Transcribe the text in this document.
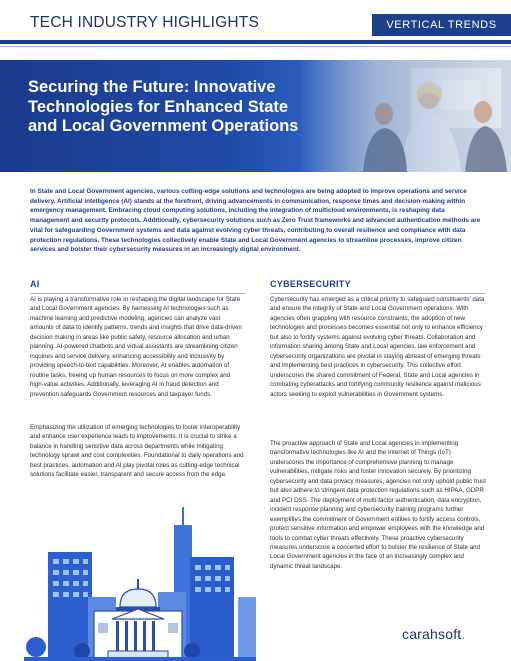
TECH INDUSTRY HIGHLIGHTS	VERTICAL TRENDS
Securing the Future: Innovative
Technologies for Enhanced State
and Local Government Operations

In State and Local Government agencies, various cutting-edge solutions and technologies are being adopted to improve operations and service delivery. Artificial intelligence (AI) stands at the forefront, driving advancements in communication, response times and decision-making within emergency management. Embracing cloud computing solutions, including the integration of multicloud environments, is reshaping data management and security protocols. Additionally, cybersecurity solutions such as Zero Trust frameworks and advanced authentication methods are vital for safeguarding Government systems and data against evolving cyber threats, contributing to overall resilience and compliance with data protection regulations. These technologies collectively enable State and Local Government agencies to streamline processes, improve citizen services and bolster their cybersecurity measures in an increasingly digital environment.

AI

AI is playing a transformative role in reshaping the digital landscape for State and Local Government agencies. By harnessing AI technologies such as machine learning and predictive modeling, agencies can analyze vast amounts of data to identify patterns, trends and insights that drive data-driven decision making in areas like public safety, resource allocation and urban planning. AI-powered chatbots and virtual assistants are streamlining citizen inquiries and service delivery, enhancing accessibility and inclusivity by providing speech-to-text capabilities. Moreover, AI enables automation of routine tasks, freeing up human resources to focus on more complex and high-value activities. Additionally, leveraging AI in fraud detection and prevention safeguards Government resources and taxpayer funds.

Emphasizing the utilization of emerging technologies to foster interoperability and enhance user experience leads to improvements. It is crucial to strike a balance in handling sensitive data across departments while mitigating technology sprawl and cost complexities. Foundational to daily operations and best practices, automation and AI play pivotal roles as cutting-edge technical solutions facilitate easier, transparent and secure access from the edge.

CYBERSECURITY

Cybersecurity has emerged as a critical priority to safeguard constituents' data and ensure the integrity of State and Local Government operations. With agencies often grappling with resource constraints, the adoption of new technologies and processes becomes essential not only to enhance efficiency but also to fortify systems against evolving cyber threats. Collaboration and information sharing among State and Local agencies, law enforcement and cybersecurity organizations are pivotal in staying abreast of emerging threats and implementing best practices in cybersecurity. This collective effort underscores the shared commitment of Federal, State and Local agencies in combating cyberattacks and fortifying community resilience against malicious actors seeking to exploit vulnerabilities in Government systems.

The proactive approach of State and Local agencies in implementing transformative technologies like AI and the Internet of Things (IoT) underscores the importance of comprehensive planning to manage vulnerabilities, mitigate risks and foster innovation securely. By prioritizing cybersecurity and data privacy measures, agencies not only uphold public trust but also adhere to stringent data protection regulations such as HIPAA, GDPR and PCI DSS. The deployment of multi-factor authentication, data encryption, incident response planning and cybersecurity training programs further exemplifies the commitment of Government entities to fortify access controls, protect sensitive information and empower employees with the knowledge and tools to combat cyber threats effectively. These proactive cybersecurity measures underscore a concerted effort to bolster the resilience of State and Local Government agencies in the face of an increasingly complex and dynamic threat landscape.

carahsoft.
